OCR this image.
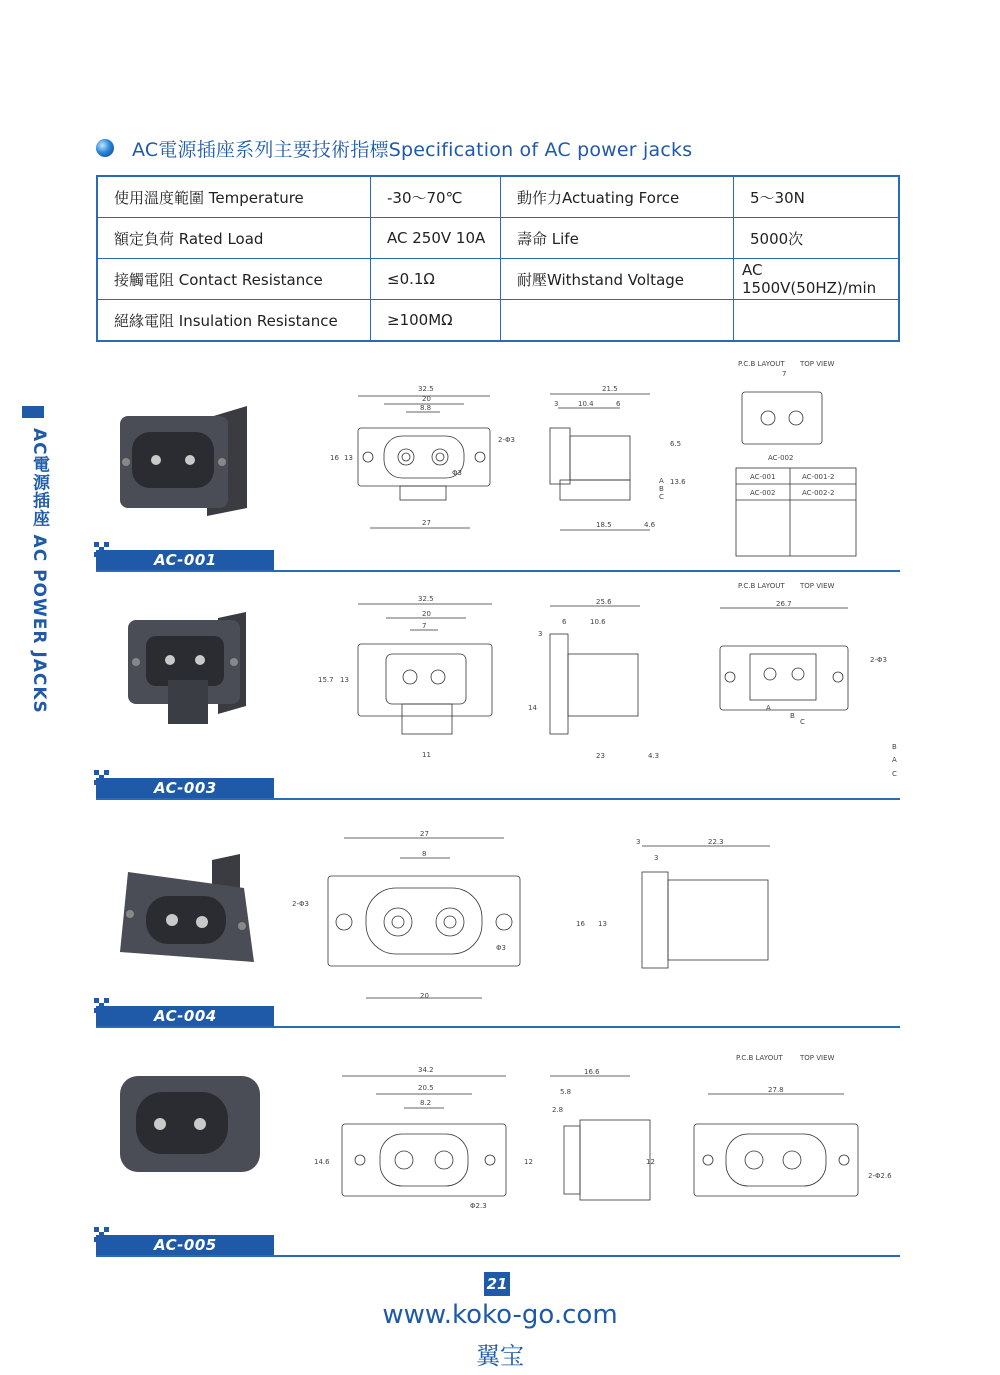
AC電源插座系列主要技術指標Specification of AC power jacks
使用溫度範圍 Temperature	-30～70℃	動作力Actuating Force	5～30N
額定負荷 Rated Load	AC 250V 10A	壽命 Life	5000次
接觸電阻 Contact Resistance	≤0.1Ω	耐壓Withstand Voltage	AC 1500V(50HZ)/min
絕緣電阻 Insulation Resistance	≥100MΩ		
AC電源插座 AC POWER JACKS	AC-001
AC-003
AC-004
AC-005
32.5
20
8.8
2-Φ3
16 13
Φ3
27
21.5
3	10.4	6
6.5
13.6
18.5	4.6
A
B
C
P.C.B LAYOUT TOP VIEW
7
AC-002
AC-001	AC-001-2
AC-002	AC-002-2
32.5
20
7
15.7 13
11
25.6
6	10.6
3
14
23	4.3
P.C.B LAYOUT TOP VIEW
26.7
2-Φ3
A
B
C
B
A
C
27
8
2-Φ3
Φ3
20
3	22.3
3
16 13
34.2
20.5
8.2
14.6	12
Φ2.3
16.6
5.8
2.8
12
P.C.B LAYOUT TOP VIEW
27.8
2-Φ2.6
21
www.koko-go.com
翼宝
